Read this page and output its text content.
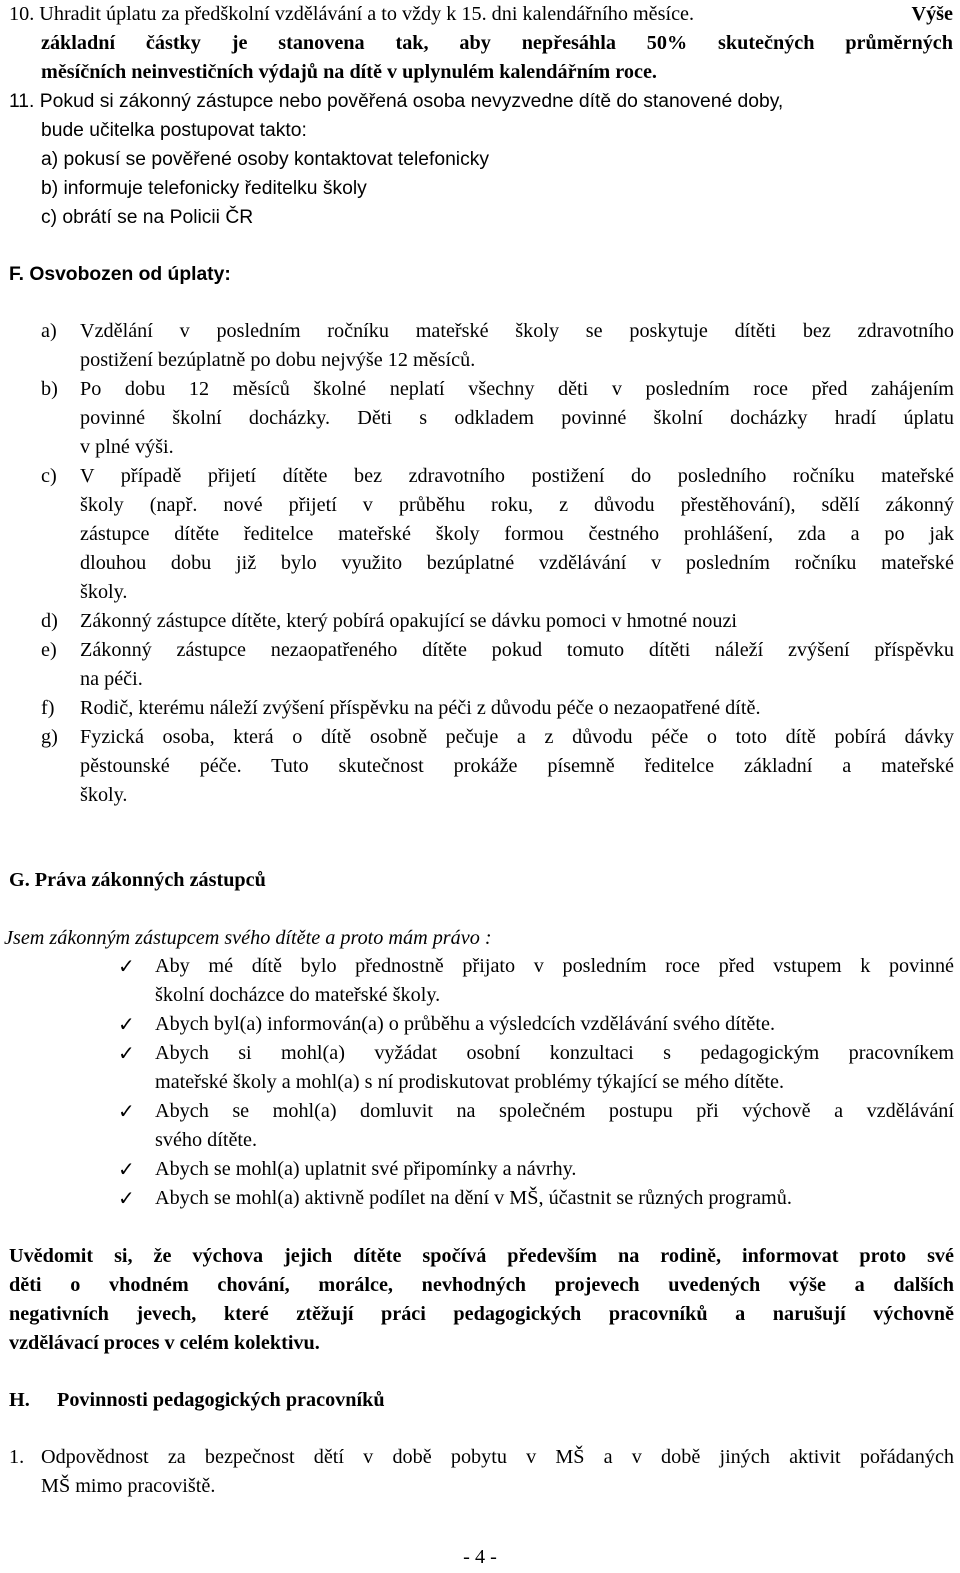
10. Uhradit úplatu za předškolní vzdělávání a to vždy k 15. dni kalendářního měsíce.	Výše
základní částky je stanovena tak, aby nepřesáhla 50% skutečných průměrných
měsíčních neinvestičních výdajů na dítě v uplynulém kalendářním roce.
11. Pokud si zákonný zástupce nebo pověřená osoba nevyzvedne dítě do stanovené doby,
bude učitelka postupovat takto:
a) pokusí se pověřené osoby kontaktovat telefonicky
b) informuje telefonicky ředitelku školy
c) obrátí se na Policii ČR
F. Osvobozen od úplaty:
a) Vzdělání v posledním ročníku mateřské školy se poskytuje dítěti bez zdravotního
postižení bezúplatně po dobu nejvýše 12 měsíců.
b) Po dobu 12 měsíců školné neplatí všechny děti v posledním roce před zahájením
povinné školní docházky. Děti s odkladem povinné školní docházky hradí úplatu
v plné výši.
c) V případě přijetí dítěte bez zdravotního postižení do posledního ročníku mateřské
školy (např. nové přijetí v průběhu roku, z důvodu přestěhování), sdělí zákonný
zástupce dítěte ředitelce mateřské školy formou čestného prohlášení, zda a po jak
dlouhou dobu již bylo využito bezúplatné vzdělávání v posledním ročníku mateřské
školy.
d) Zákonný zástupce dítěte, který pobírá opakující se dávku pomoci v hmotné nouzi
e) Zákonný zástupce nezaopatřeného dítěte pokud tomuto dítěti náleží zvýšení příspěvku
na péči.
f) Rodič, kterému náleží zvýšení příspěvku na péči z důvodu péče o nezaopatřené dítě.
g) Fyzická osoba, která o dítě osobně pečuje a z důvodu péče o toto dítě pobírá dávky
pěstounské péče. Tuto skutečnost prokáže písemně ředitelce základní a mateřské
školy.
G. Práva zákonných zástupců
Jsem zákonným zástupcem svého dítěte a proto mám právo :
✓ Aby mé dítě bylo přednostně přijato v posledním roce před vstupem k povinné
školní docházce do mateřské školy.
✓ Abych byl(a) informován(a) o průběhu a výsledcích vzdělávání svého dítěte.
✓ Abych si mohl(a) vyžádat osobní konzultaci s pedagogickým pracovníkem
mateřské školy a mohl(a) s ní prodiskutovat problémy týkající se mého dítěte.
✓ Abych se mohl(a) domluvit na společném postupu při výchově a vzdělávání
svého dítěte.
✓ Abych se mohl(a) uplatnit své připomínky a návrhy.
✓ Abych se mohl(a) aktivně podílet na dění v MŠ, účastnit se různých programů.
Uvědomit si, že výchova jejich dítěte spočívá především na rodině, informovat proto své
děti o vhodném chování, morálce, nevhodných projevech uvedených výše a dalších
negativních jevech, které ztěžují práci pedagogických pracovníků a narušují výchovně
vzdělávací proces v celém kolektivu.
H. Povinnosti pedagogických pracovníků
1. Odpovědnost za bezpečnost dětí v době pobytu v MŠ a v době jiných aktivit pořádaných
MŠ mimo pracoviště.
- 4 -
